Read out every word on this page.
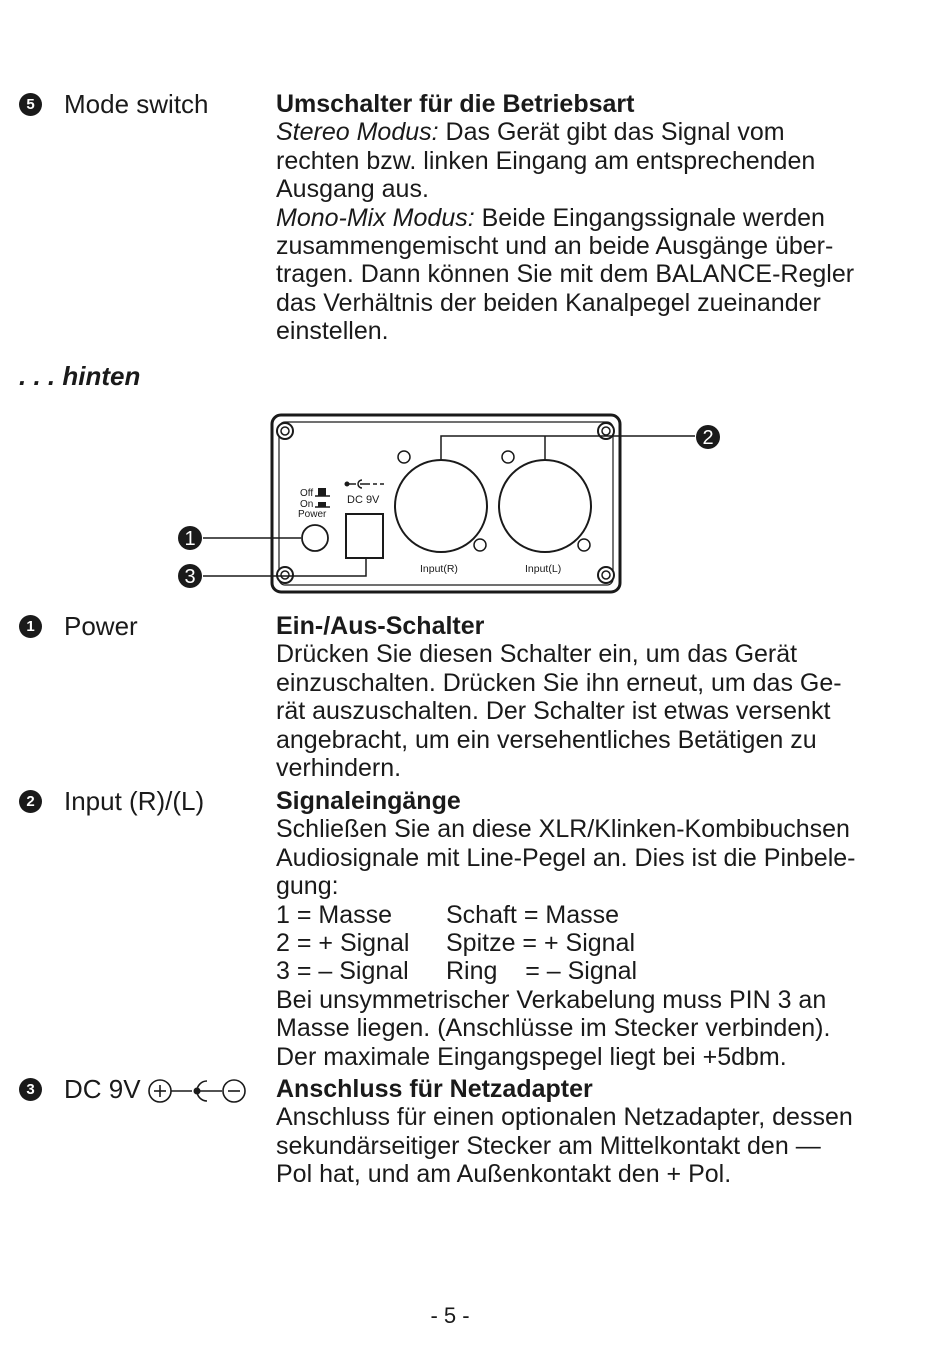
5 Mode switch	Umschalter für die Betriebsart
Stereo Modus: Das Gerät gibt das Signal vom
rechten bzw. linken Eingang am entsprechenden
Ausgang aus.
Mono-Mix Modus: Beide Eingangssignale werden
zusammengemischt und an beide Ausgänge über-
tragen. Dann können Sie mit dem BALANCE-Regler
das Verhältnis der beiden Kanalpegel zueinander
einstellen.
. . . hinten
Off
On
Power
DC 9V
Input(R)	Input(L)
2
1
3
1 Power	Ein-/Aus-Schalter
Drücken Sie diesen Schalter ein, um das Gerät
einzuschalten. Drücken Sie ihn erneut, um das Ge-
rät auszuschalten. Der Schalter ist etwas versenkt
angebracht, um ein versehentliches Betätigen zu
verhindern.
2 Input (R)/(L)	Signaleingänge
Schließen Sie an diese XLR/Klinken-Kombibuchsen
Audiosignale mit Line-Pegel an. Dies ist die Pinbele-
gung:
1 = Masse Schaft = Masse
2 = + Signal Spitze = + Signal
3 = – Signal Ring    = – Signal
Bei unsymmetrischer Verkabelung muss PIN 3 an
Masse liegen. (Anschlüsse im Stecker verbinden).
Der maximale Eingangspegel liegt bei +5dbm.
3 DC 9V	Anschluss für Netzadapter
Anschluss für einen optionalen Netzadapter, dessen
sekundärseitiger Stecker am Mittelkontakt den —
Pol hat, und am Außenkontakt den + Pol.
- 5 -
